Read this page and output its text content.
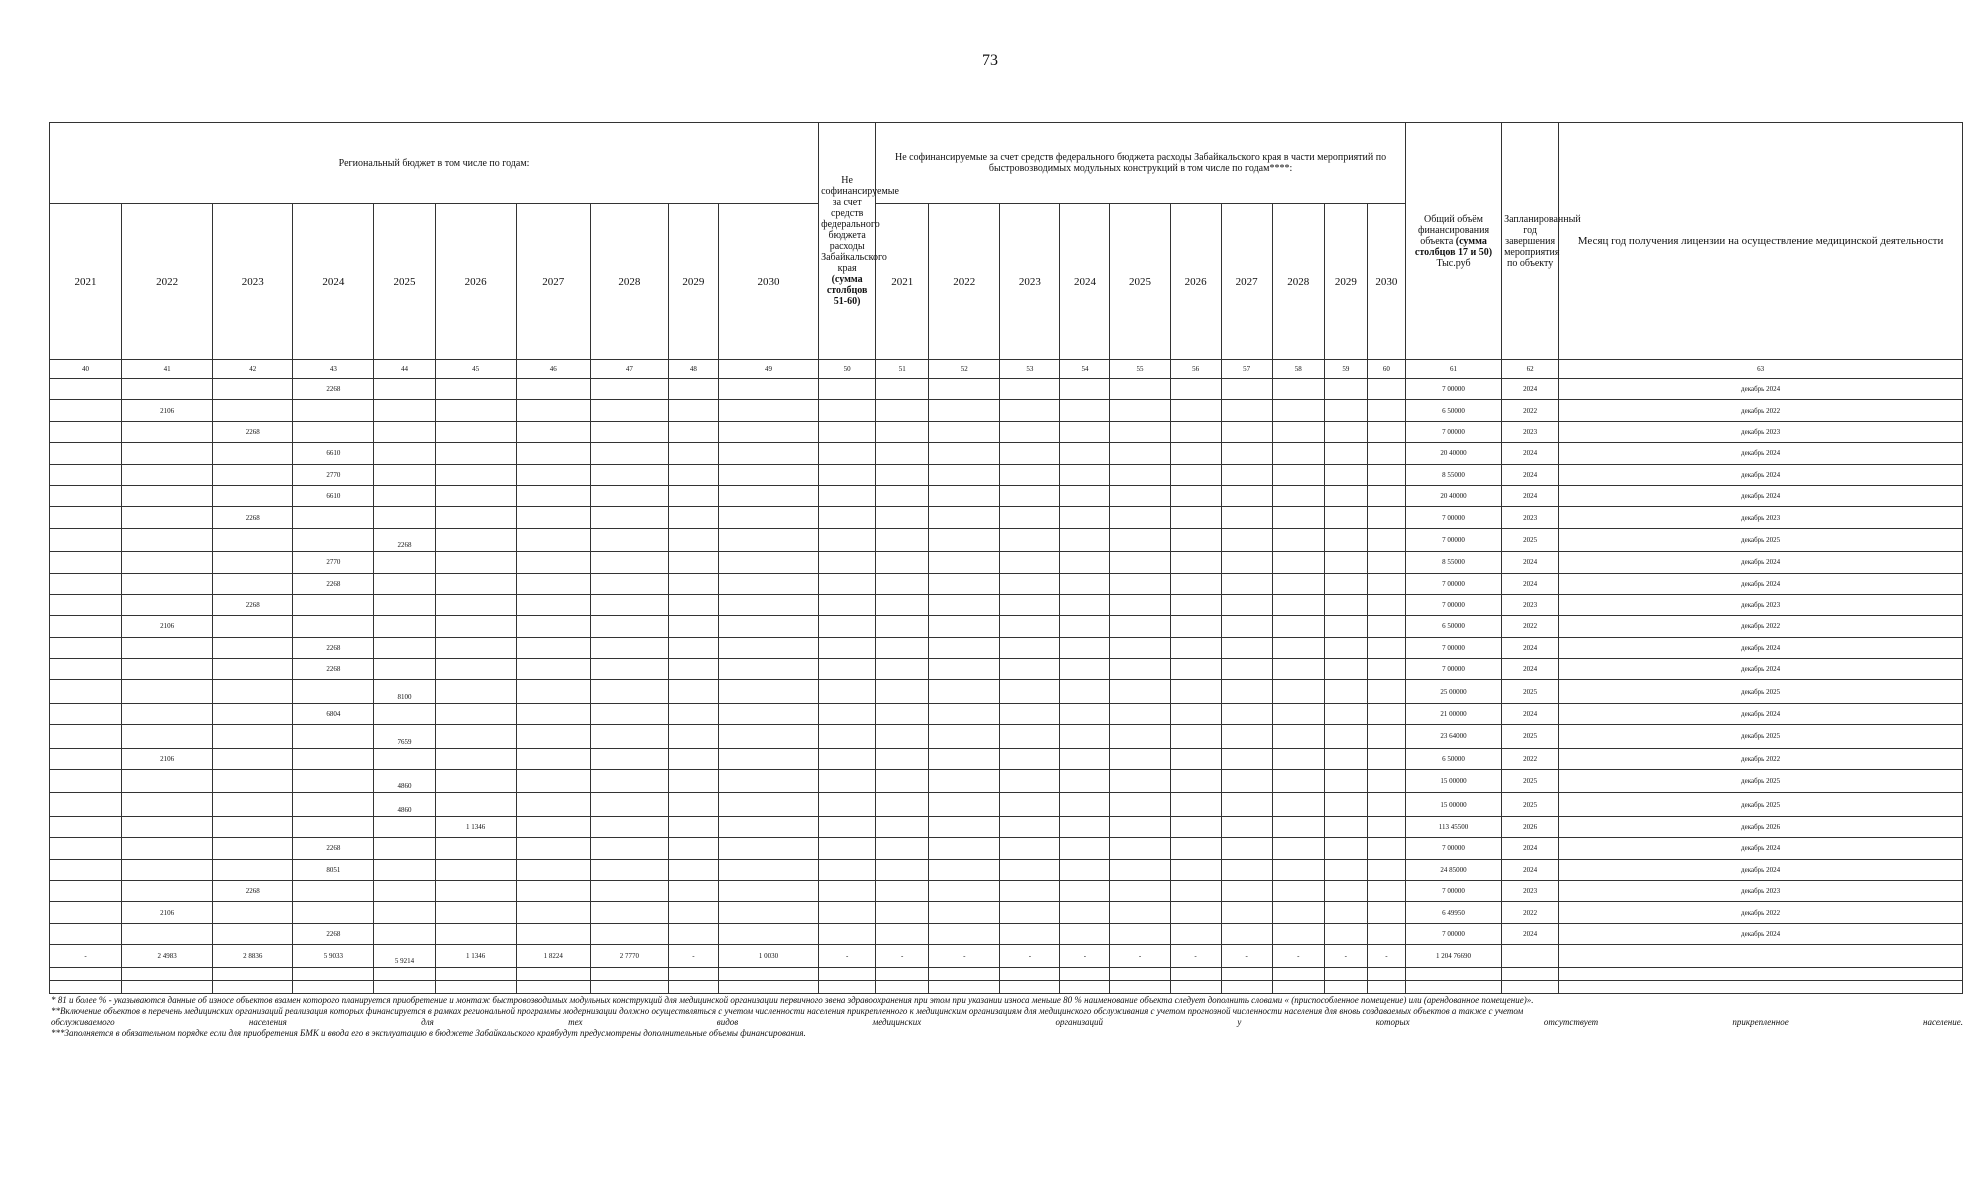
73
Региональный бюджет в том числе по годам:										Не софинансируемые за счет средств федерального бюджета расходы Забайкальского края (сумма столбцов 51-60)	Не софинансируемые за счет средств федерального бюджета расходы Забайкальского края в части мероприятий по быстровозводимых модульных конструкций в том числе по годам****:										Общий объём финансирования объекта (сумма столбцов 17 и 50) Тыс.руб	Запланированный год завершения мероприятия по объекту	Месяц год получения лицензии на осуществление медицинской деятельности
2021	2022	2023	2024	2025	2026	2027	2028	2029	2030		2021	2022	2023	2024	2025	2026	2027	2028	2029	2030			
40	41	42	43	44	45	46	47	48	49	50	51	52	53	54	55	56	57	58	59	60	61	62	63
			2268																		7 00000	2024	декабрь 2024
	2106																				6 50000	2022	декабрь 2022
		2268																			7 00000	2023	декабрь 2023
			6610																		20 40000	2024	декабрь 2024
			2770																		8 55000	2024	декабрь 2024
			6610																		20 40000	2024	декабрь 2024
		2268																			7 00000	2023	декабрь 2023
				2268																	7 00000	2025	декабрь 2025
			2770																		8 55000	2024	декабрь 2024
			2268																		7 00000	2024	декабрь 2024
		2268																			7 00000	2023	декабрь 2023
	2106																				6 50000	2022	декабрь 2022
			2268																		7 00000	2024	декабрь 2024
			2268																		7 00000	2024	декабрь 2024
				8100																	25 00000	2025	декабрь 2025
			6804																		21 00000	2024	декабрь 2024
				7659																	23 64000	2025	декабрь 2025
	2106																				6 50000	2022	декабрь 2022
				4860																	15 00000	2025	декабрь 2025
				4860																	15 00000	2025	декабрь 2025
					1 1346																113 45500	2026	декабрь 2026
			2268																		7 00000	2024	декабрь 2024
			8051																		24 85000	2024	декабрь 2024
		2268																			7 00000	2023	декабрь 2023
	2106																				6 49950	2022	декабрь 2022
			2268																		7 00000	2024	декабрь 2024
-	2 4983	2 8836	5 9033	5 9214	1 1346	1 8224	2 7770	-	1 0030	-	-	-	-	-	-	-	-	-	-	-	1 204 76690		

* 81 и более % - указываются данные об износе объектов взамен которого планируется приобретение и монтаж быстровозводимых модульных конструкций для медицинской организации первичного звена здравоохранения при этом при указании износа меньше 80 % наименование объекта следует дополнить словами « (приспособленное помещение) или (арендованное помещение)».

**Включение объектов в перечень медицинских организаций реализация которых финансируется в рамках региональной программы модернизации должно осуществляться с учетом численности населения прикрепленного к медицинским организациям для медицинского обслуживания с учетом прогнозной численности населения для вновь создаваемых объектов а также с учетом

обслуживаемого населения для тех видов медицинских организаций у которых отсутствует прикрепленное население.

***Заполняется в обязательном порядке если для приобретения БМК и ввода его в эксплуатацию в бюджете Забайкальского краябудут предусмотрены дополнительные объемы финансирования.
